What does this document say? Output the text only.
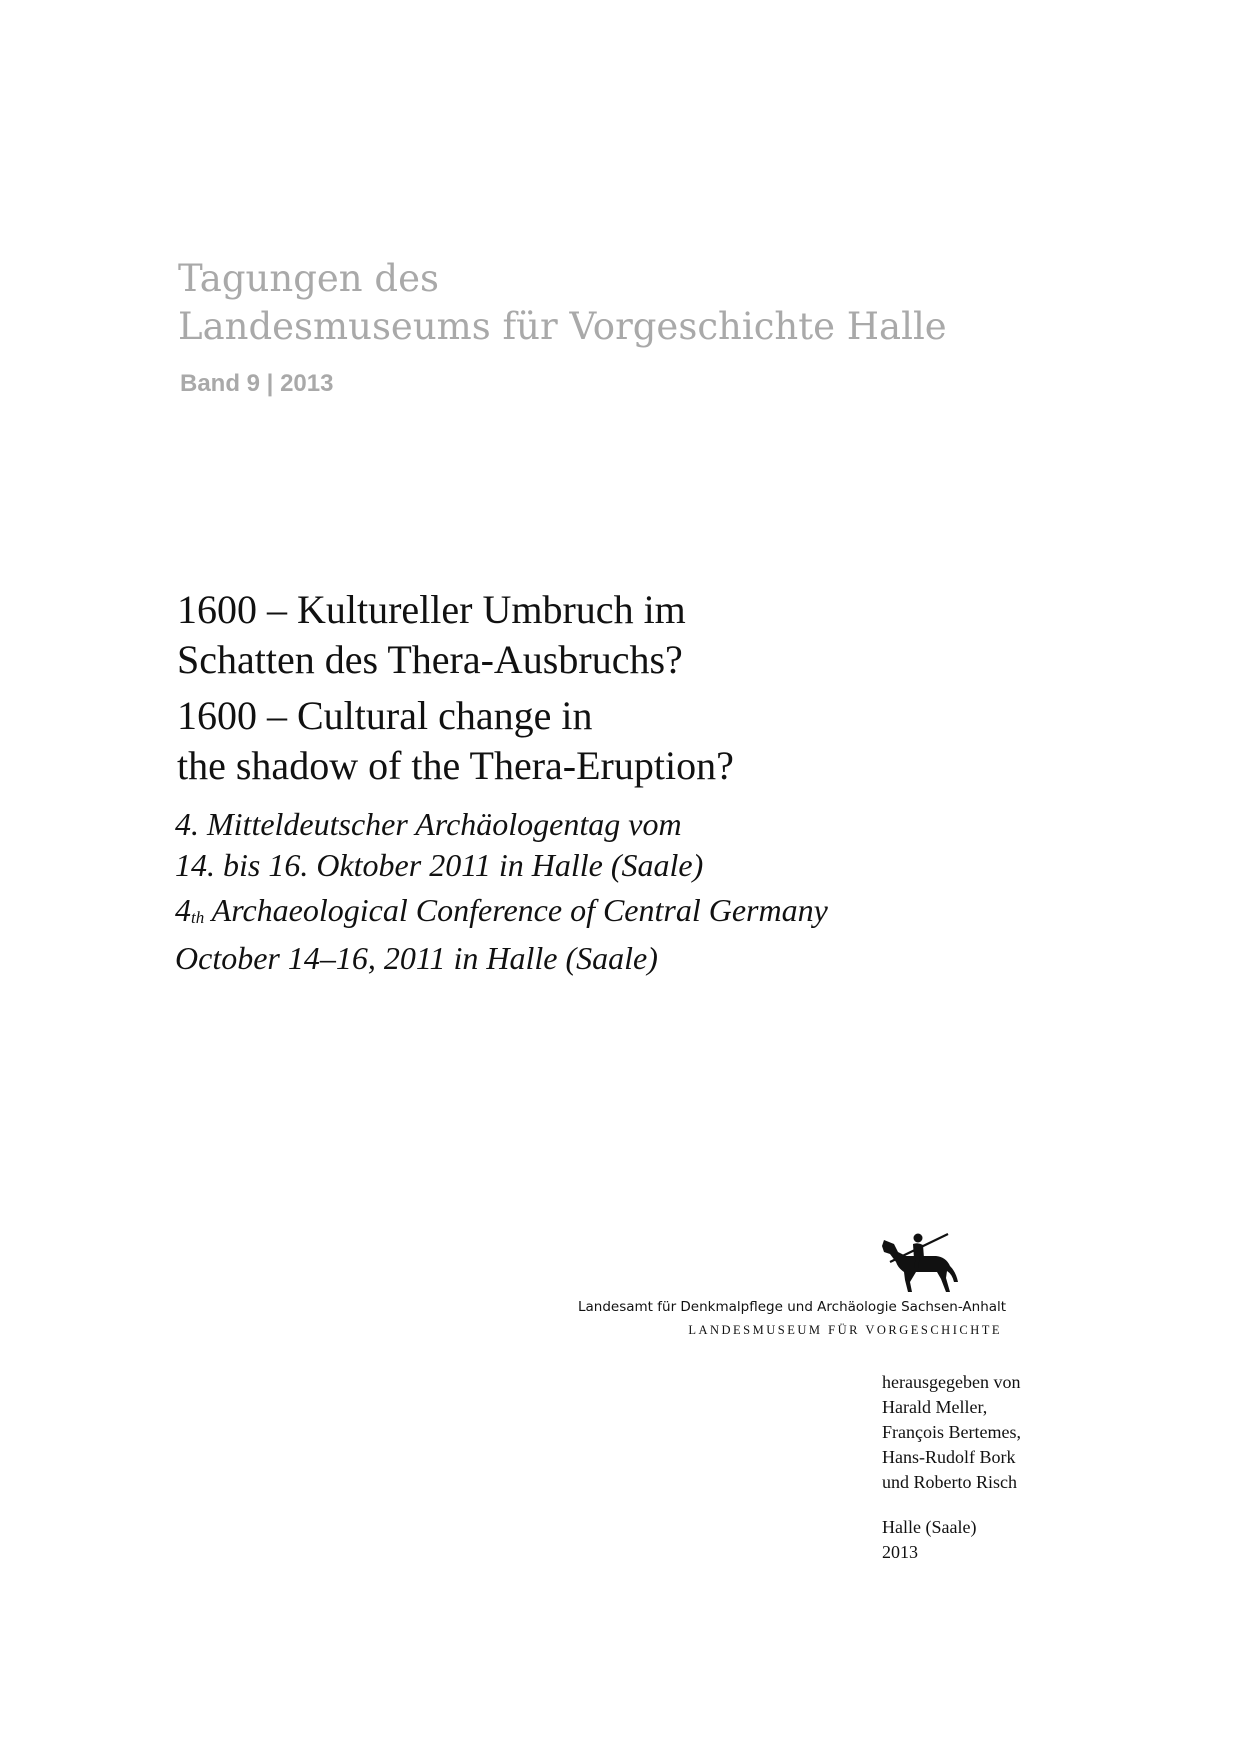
Tagungen des
Landesmuseums für Vorgeschichte Halle
Band 9 | 2013
1600 – Kultureller Umbruch im
Schatten des Thera-Ausbruchs?
1600 – Cultural change in
the shadow of the Thera-Eruption?
4. Mitteldeutscher Archäologentag vom
14. bis 16. Oktober 2011 in Halle (Saale)
4th Archaeological Conference of Central Germany
October 14–16, 2011 in Halle (Saale)
Landesamt für Denkmalpflege und Archäologie Sachsen-Anhalt
LANDESMUSEUM FÜR VORGESCHICHTE
herausgegeben von
Harald Meller,
François Bertemes,
Hans-Rudolf Bork
und Roberto Risch
Halle (Saale)
2013
